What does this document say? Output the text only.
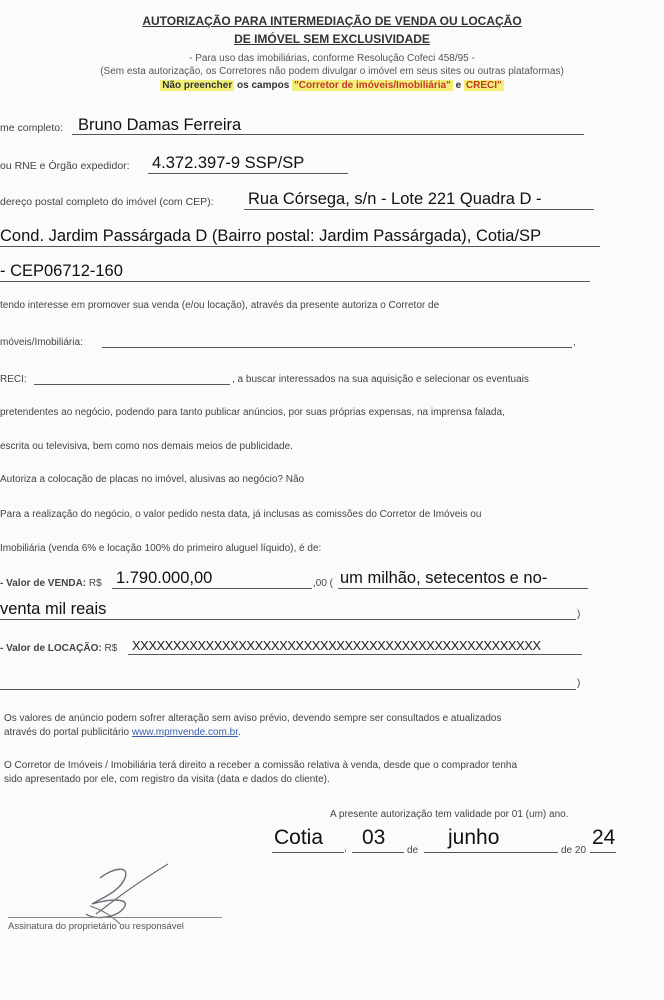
AUTORIZAÇÃO PARA INTERMEDIAÇÃO DE VENDA OU LOCAÇÃO
DE IMÓVEL SEM EXCLUSIVIDADE
- Para uso das imobiliárias, conforme Resolução Cofeci 458/95 -
(Sem esta autorização, os Corretores não podem divulgar o imóvel em seus sites ou outras plataformas)
Não preencher os campos "Corretor de imóveis/Imobiliária" e CRECI"
me completo: Bruno Damas Ferreira
ou RNE e Órgão expedidor: 4.372.397-9 SSP/SP
dereço postal completo do imóvel (com CEP): Rua Córsega, s/n - Lote 221 Quadra D -
Cond. Jardim Passárgada D (Bairro postal: Jardim Passárgada), Cotia/SP
- CEP06712-160
tendo interesse em promover sua venda (e/ou locação), através da presente autoriza o Corretor de
móveis/Imobiliária:	,
RECI:	, a buscar interessados na sua aquisição e selecionar os eventuais
pretendentes ao negócio, podendo para tanto publicar anúncios, por suas próprias expensas, na imprensa falada,
escrita ou televisiva, bem como nos demais meios de publicidade.
Autoriza a colocação de placas no imóvel, alusivas ao negócio? Não
Para a realização do negócio, o valor pedido nesta data, já inclusas as comissões do Corretor de Imóveis ou
Imobiliária (venda 6% e locação 100% do primeiro aluguel líquido), é de:
- Valor de VENDA: R$ 1.790.000,00	,00 ( um milhão, setecentos e no-
venta mil reais	)
- Valor de LOCAÇÃO: R$ XXXXXXXXXXXXXXXXXXXXXXXXXXXXXXXXXXXXXXXXXXXXXXXXXX
)
Os valores de anúncio podem sofrer alteração sem aviso prévio, devendo sempre ser consultados e atualizados
através do portal publicitário www.mpmvende.com.br.
O Corretor de Imóveis / Imobiliária terá direito a receber a comissão relativa à venda, desde que o comprador tenha
sido apresentado por ele, com registro da visita (data e dados do cliente).
A presente autorização tem validade por 01 (um) ano.
Cotia , 03
de
junho
de 20
24
Assinatura do proprietário ou responsável
